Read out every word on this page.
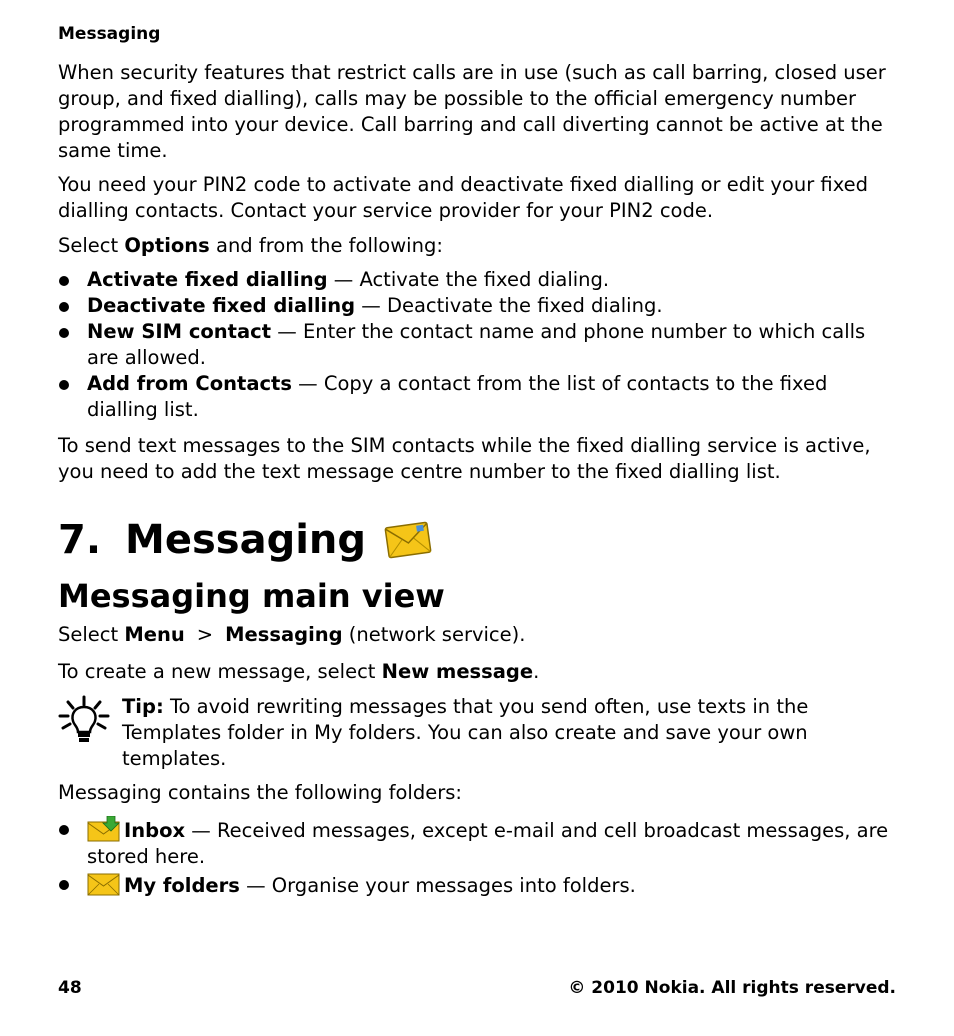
Messaging

When security features that restrict calls are in use (such as call barring, closed user group, and fixed dialling), calls may be possible to the official emergency number programmed into your device. Call barring and call diverting cannot be active at the same time.

You need your PIN2 code to activate and deactivate fixed dialling or edit your fixed dialling contacts. Contact your service provider for your PIN2 code.

Select Options and from the following:

Activate fixed dialling — Activate the fixed dialing.
Deactivate fixed dialling — Deactivate the fixed dialing.
New SIM contact — Enter the contact name and phone number to which calls are allowed.
Add from Contacts — Copy a contact from the list of contacts to the fixed dialling list.

To send text messages to the SIM contacts while the fixed dialling service is active, you need to add the text message centre number to the fixed dialling list.

7. Messaging
Messaging main view

Select Menu > Messaging (network service).

To create a new message, select New message.

Tip: To avoid rewriting messages that you send often, use texts in the Templates folder in My folders. You can also create and save your own templates.

Messaging contains the following folders:

Inbox — Received messages, except e-mail and cell broadcast messages, are stored here.
My folders — Organise your messages into folders.
48	© 2010 Nokia. All rights reserved.
